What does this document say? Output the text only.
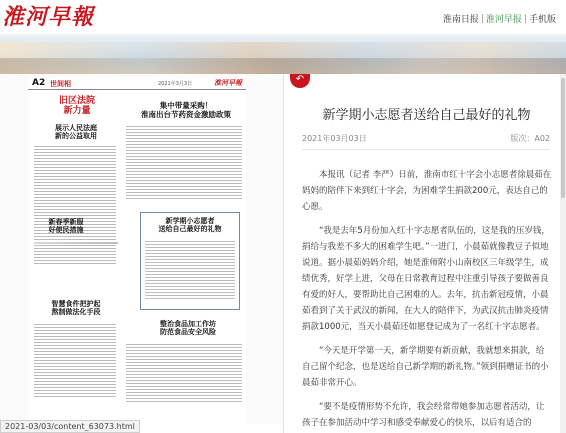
淮河早報	淮南日报 | 淮河早报 | 手机版
A2 世间相	2021年3月3日	淮河早報
旧区法院
新力量
展示人民法庭
新的公益取用
集中带量采购！
淮南出台节药资金激励政策
新春季新服
好便民措施
新学期小志愿者
送给自己最好的礼物
智慧食件把护起
熬制做法化手段
整治食品加工作坊
防范食品安全风险
2021-03/03/content_63073.html
↶
新学期小志愿者送给自己最好的礼物
2021年03月03日	版次：A02

本报讯（记者 李严）日前，淮南市红十字会小志愿者徐晨茹在妈妈的陪伴下来到红十字会，为困难学生捐款200元，表达自己的心愿。

“我是去年5月份加入红十字志愿者队伍的，这是我的压岁钱，捐给与我差不多大的困难学生吧。”一进门，小晨茹就像教豆子似地说道。据小晨茹妈妈介绍，她是淮师附小山南校区三年级学生，成绩优秀，好学上进，父母在日常教育过程中注重引导孩子要做善良有爱的好人，要帮助比自己困难的人。去年，抗击新冠疫情，小晨茹看到了关于武汉的新闻，在大人的陪伴下，为武汉抗击肺炎疫情捐款1000元，当天小晨茹还如愿登记成为了一名红十字志愿者。

“今天是开学第一天，新学期要有新贡献，我就想来捐款，给自己留个纪念，也是送给自己新学期的新礼物。”领到捐赠证书的小晨茹非常开心。

“要不是疫情形势不允许，我会经常带她参加志愿者活动，让孩子在参加活动中学习和感受奉献爱心的快乐，以后有适合的
